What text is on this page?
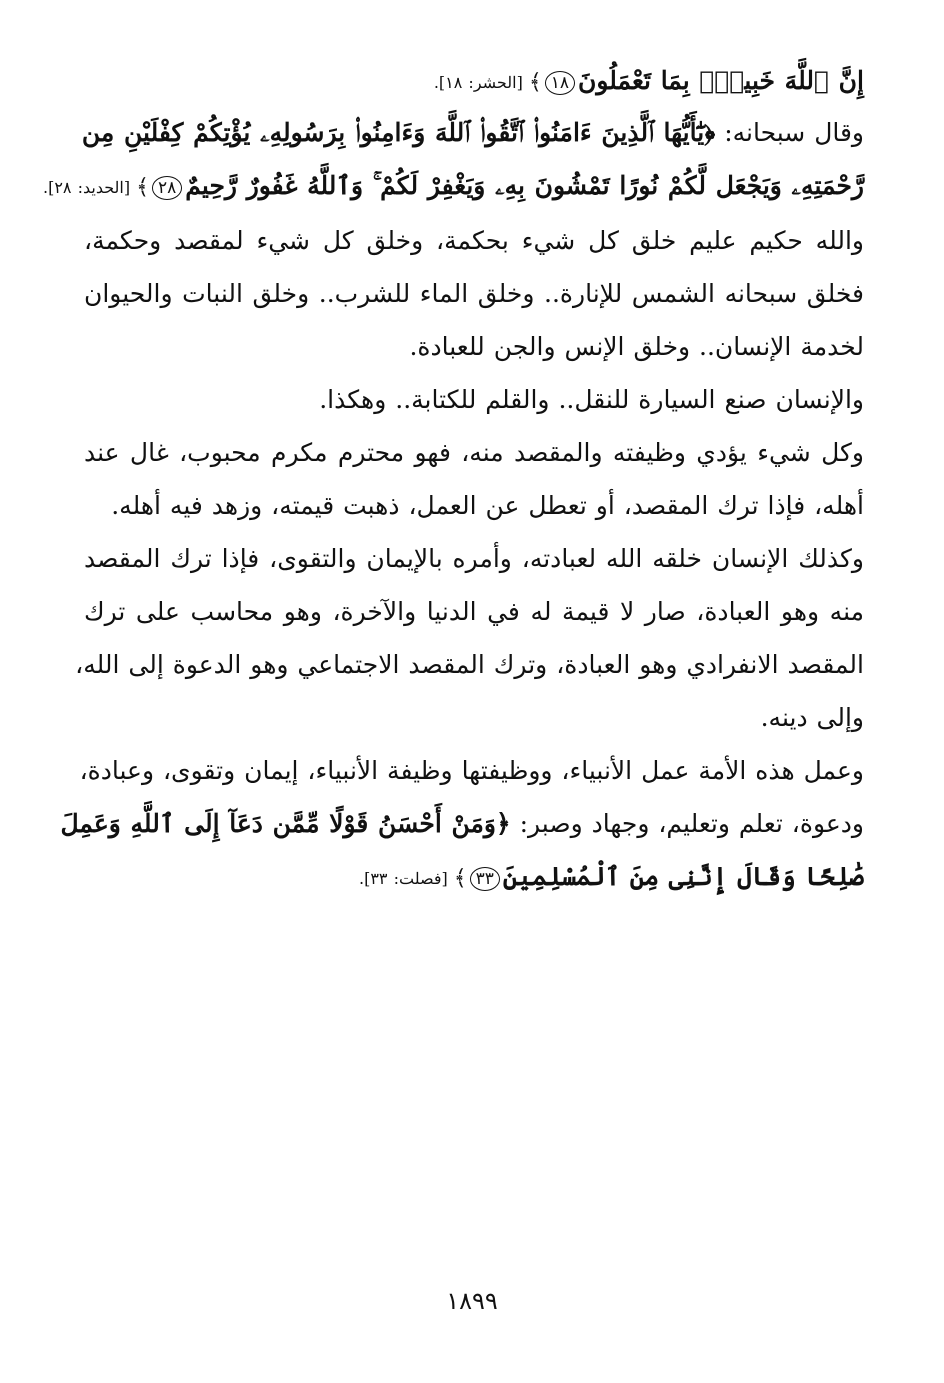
إِنَّ ٱللَّهَ خَبِيرٌۢ بِمَا تَعْمَلُونَ١٨﴾[الحشر: ١٨].
وقال سبحانه: ﴿يَٰٓأَيُّهَا ٱلَّذِينَ ءَامَنُوا۟ ٱتَّقُوا۟ ٱللَّهَ وَءَامِنُوا۟ بِرَسُولِهِۦ يُؤْتِكُمْ كِفْلَيْنِ مِن
رَّحْمَتِهِۦ وَيَجْعَل لَّكُمْ نُورًا تَمْشُونَ بِهِۦ وَيَغْفِرْ لَكُمْ ۚ وَٱللَّهُ غَفُورٌ رَّحِيمٌ٢٨﴾[الحديد: ٢٨].
والله حكيم عليم خلق كل شيء بحكمة، وخلق كل شيء لمقصد وحكمة،
فخلق سبحانه الشمس للإنارة.. وخلق الماء للشرب.. وخلق النبات والحيوان
لخدمة الإنسان.. وخلق الإنس والجن للعبادة.
والإنسان صنع السيارة للنقل.. والقلم للكتابة.. وهكذا.
وكل شيء يؤدي وظيفته والمقصد منه، فهو محترم مكرم محبوب، غال عند
أهله، فإذا ترك المقصد، أو تعطل عن العمل، ذهبت قيمته، وزهد فيه أهله.
وكذلك الإنسان خلقه الله لعبادته، وأمره بالإيمان والتقوى، فإذا ترك المقصد
منه وهو العبادة، صار لا قيمة له في الدنيا والآخرة، وهو محاسب على ترك
المقصد الانفرادي وهو العبادة، وترك المقصد الاجتماعي وهو الدعوة إلى الله،
وإلى دينه.
وعمل هذه الأمة عمل الأنبياء، ووظيفتها وظيفة الأنبياء، إيمان وتقوى، وعبادة،
ودعوة، تعلم وتعليم، وجهاد وصبر: ﴿وَمَنْ أَحْسَنُ قَوْلًا مِّمَّن دَعَآ إِلَى ٱللَّهِ وَعَمِلَ
صَٰلِحًا وَقَالَ إِنَّنِى مِنَ ٱلْمُسْلِمِينَ٣٣﴾[فصلت: ٣٣].
١٨٩٩
